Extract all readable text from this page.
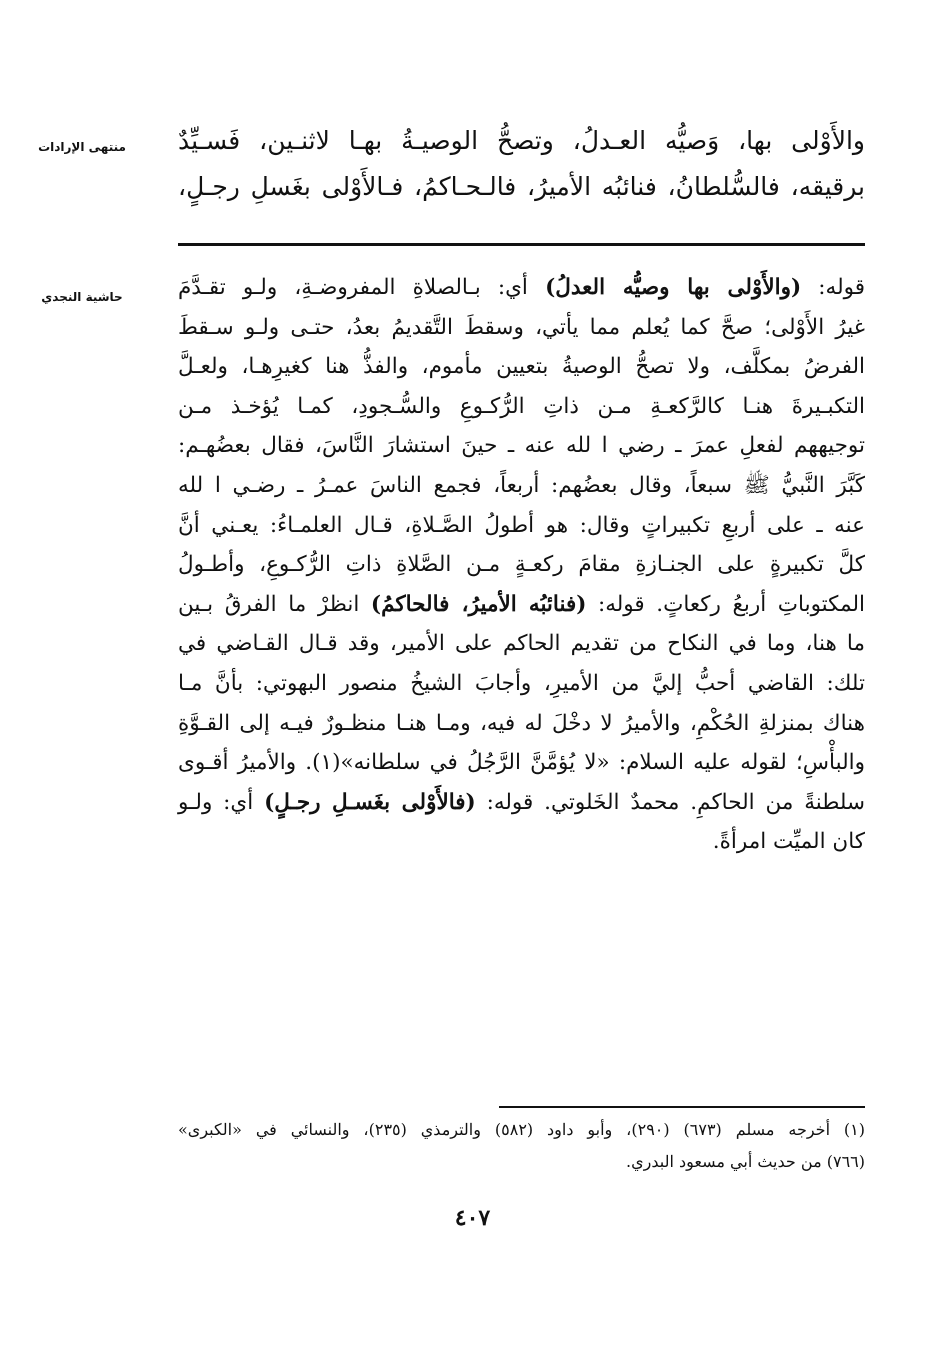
منتهى الإرادات	والأَوْلى بها، وَصيُّه العـدلُ، وتصحُّ الوصيـةُ بهـا لاثنـين، فَسـيِّدٌ
برقيقه، فالسُّلطانُ، فنائبُه الأميرُ، فالـحـاكمُ، فـالأَوْلى بغَسلِ رجـلٍ،
حاشية النجدي	قوله: (والأَوْلى بها وصيُّه العدلُ) أي: بـالصلاةِ المفروضـةِ، ولـو تقـدَّمَ
غيرُ الأَوْلى؛ صحَّ كما يُعلم مما يأتي، وسقطَ التَّقديمُ بعدُ، حتـى ولـو سـقطَ
الفرضُ بمكلَّف، ولا تصحُّ الوصيةُ بتعيين مأموم، والفذُّ هنا كغيرِهـا، ولعـلَّ
التكبـيرةَ هنـا كالرَّكعـةِ مـن ذاتِ الرُّكـوعِ والسُّـجودِ، كمـا يُؤخـذ مـن
توجيههم لفعلِ عمرَ ـ رضي ا لله عنه ـ حينَ استشارَ النَّاسَ، فقال بعضُهـم:
كَبَّرَ النَّبيُّ ﷺ سبعاً، وقال بعضُهم: أربعاً، فجمع الناسَ عمـرُ ـ رضـي ا لله
عنه ـ على أربعِ تكبيراتٍ وقال: هو أطولُ الصَّـلاةِ، قـال العلمـاءُ: يعـني أنَّ
كلَّ تكبيرةٍ على الجنـازةِ مقامَ ركعـةٍ مـن الصَّلاةِ ذاتِ الرُّكـوعِ، وأطـولُ
المكتوباتِ أربعُ ركعاتٍ. قوله: (فنائبُه الأميرُ، فالحاكمُ) انظرْ ما الفرقُ بـين
ما هنا، وما في النكاح من تقديم الحاكم على الأمير، وقد قـال القـاضي في
تلك: القاضي أحبُّ إليَّ من الأميرِ، وأجابَ الشيخُ منصور البهوتي: بأنَّ مـا
هناك بمنزلةِ الحُكْمِ، والأميرُ لا دخْلَ له فيه، ومـا هنـا منظـورٌ فيـه إلى القـوَّةِ
والبأْسِ؛ لقوله عليه السلام: «لا يُؤمَّنَّ الرَّجُلُ في سلطانه»(١). والأميرُ أقـوى
سلطنةً من الحاكمِ. محمدٌ الخَلوتي. قوله: (فالأَوْلى بغَسـلِ رجـلٍ) أي: ولـو
كان الميِّت امرأةً.
(١) أخرجه مسلم (٦٧٣) (٢٩٠)، وأبو داود (٥٨٢) والترمذي (٢٣٥)، والنسائي في «الكبرى»
(٧٦٦) من حديث أبي مسعود البدري.
٤٠٧
